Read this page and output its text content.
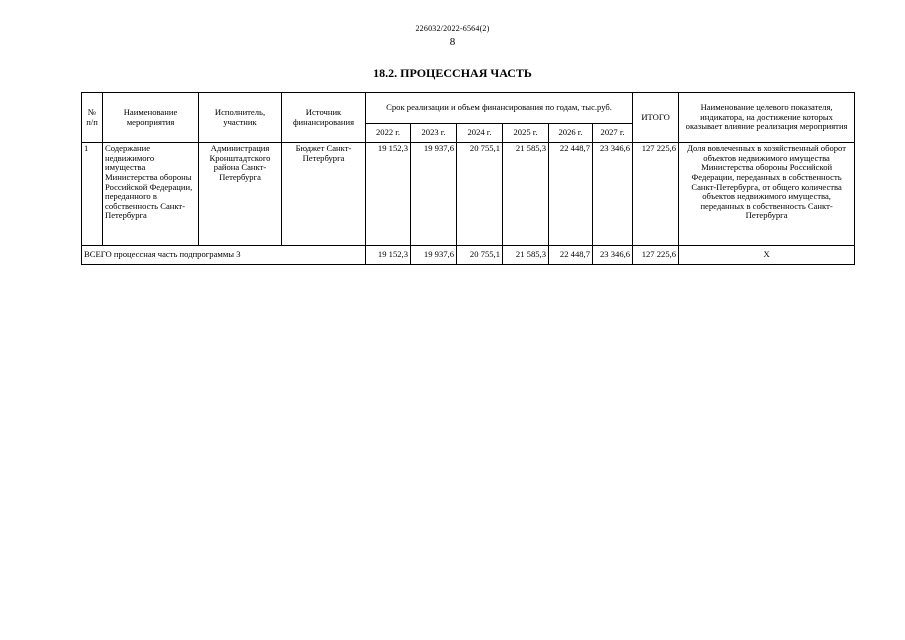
226032/2022-6564(2)
8
18.2. ПРОЦЕССНАЯ ЧАСТЬ
№
п/п	Наименование мероприятия	Исполнитель, участник	Источник финансирования	Срок реализации и объем финансирования по годам, тыс.руб.						ИТОГО	Наименование целевого показателя, индикатора, на достижение которых оказывает влияние реализация мероприятия
				2022 г.	2023 г.	2024 г.	2025 г.	2026 г.	2027 г.		
1	Содержание недвижимого имущества Министерства обороны Российской Федерации, переданного в собственность Санкт-Петербурга	Администрация Кронштадтского района Санкт-Петербурга	Бюджет Санкт-Петербурга	19 152,3	19 937,6	20 755,1	21 585,3	22 448,7	23 346,6	127 225,6	Доля вовлеченных в хозяйственный оборот объектов недвижимого имущества Министерства обороны Российской Федерации, переданных в собственность Санкт-Петербурга, от общего количества объектов недвижимого имущества, переданных в собственность Санкт-Петербурга
ВСЕГО процессная часть подпрограммы 3				19 152,3	19 937,6	20 755,1	21 585,3	22 448,7	23 346,6	127 225,6	Х
